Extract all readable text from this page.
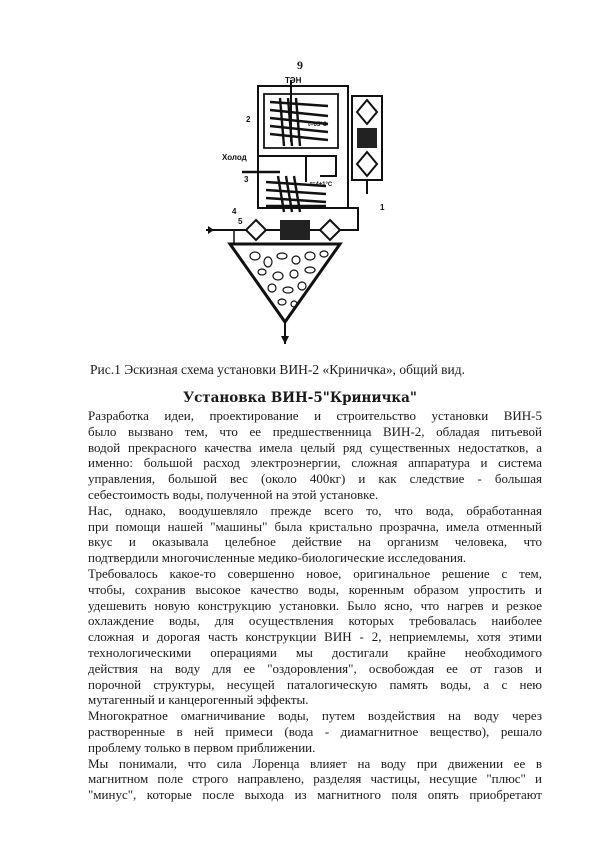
9
ТЭН
Холод
1
2
3
4
5
t=65°C
t=4±1°C
Рис.1 Эскизная схема установки ВИН-2 «Криничка», общий вид.
Установка ВИН-5"Криничка"

Разработка идеи, проектирование и строительство установки ВИН-5
было вызвано тем, что ее предшественница ВИН-2, обладая питьевой
водой прекрасного качества имела целый ряд существенных недостатков, а
именно: большой расход электроэнергии, сложная аппаратура и система
управления, большой вес (около 400кг) и как следствие - большая
себестоимость воды, полученной на этой установке.

Нас, однако, воодушевляло прежде всего то, что вода, обработанная
при помощи нашей "машины" была кристально прозрачна, имела отменный
вкус и оказывала целебное действие на организм человека, что
подтвердили многочисленные медико-биологические исследования.

Требовалось какое-то совершенно новое, оригинальное решение с тем,
чтобы, сохранив высокое качество воды, коренным образом упростить и
удешевить новую конструкцию установки. Было ясно, что нагрев и резкое
охлаждение воды, для осуществления которых требовалась наиболее
сложная и дорогая часть конструкции ВИН - 2, неприемлемы, хотя этими
технологическими операциями мы достигали крайне необходимого
действия на воду для ее "оздоровления", освобождая ее от газов и
порочной структуры, несущей паталогическую память воды, а с нею
мутагенный и канцерогенный эффекты.

Многократное омагничивание воды, путем воздействия на воду через
растворенные в ней примеси (вода - диамагнитное вещество), решало
проблему только в первом приближении.

Мы понимали, что сила Лоренца влияет на воду при движении ее в
магнитном поле строго направлено, разделяя частицы, несущие "плюс" и
"минус", которые после выхода из магнитного поля опять приобретают
